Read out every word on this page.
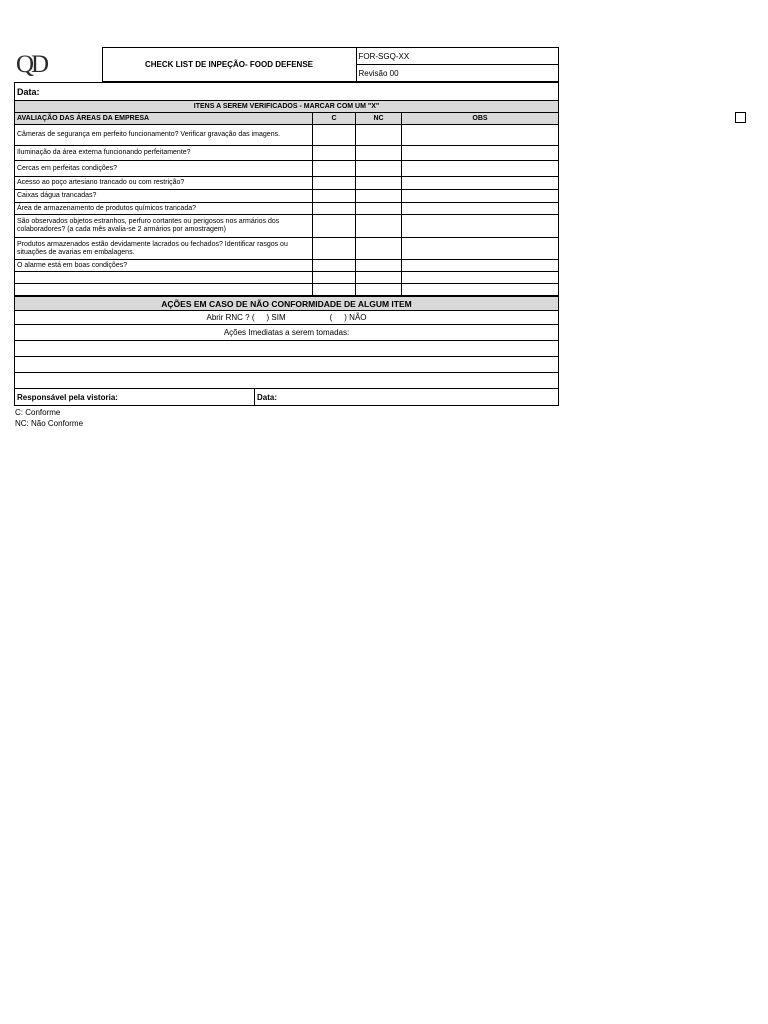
QD	CHECK LIST DE INPEÇÃO- FOOD DEFENSE	FOR-SGQ-XX
Revisão 00
Data:			
ITENS A SEREM VERIFICADOS - MARCAR COM UM "X"			
AVALIAÇÃO DAS ÁREAS DA EMPRESA	C	NC	OBS
Câmeras de segurança em perfeito funcionamento? Verificar gravação das imagens.			
Iluminação da área externa funcionando perfeitamente?			
Cercas em perfeitas condições?			
Acesso ao poço artesiano trancado ou com restrição?			
Caixas dágua trancadas?			
Área de armazenamento de produtos químicos trancada?			
São observados objetos estranhos, perfuro cortantes ou perigosos nos armários dos colaboradores? (a cada mês avalia-se 2 armários por amostragem)			
Produtos armazenados estão devidamente lacrados ou fechados? Identificar rasgos ou situações de avarias em embalagens.			
O alarme está em boas condições?			

AÇÕES EM CASO DE NÃO CONFORMIDADE DE ALGUM ITEM
Abrir RNC ? ( ) SIM	( ) NÃO
Ações Imediatas a serem tomadas:

Responsável pela vistoria:	Data:
C: Conforme
NC: Não Conforme
